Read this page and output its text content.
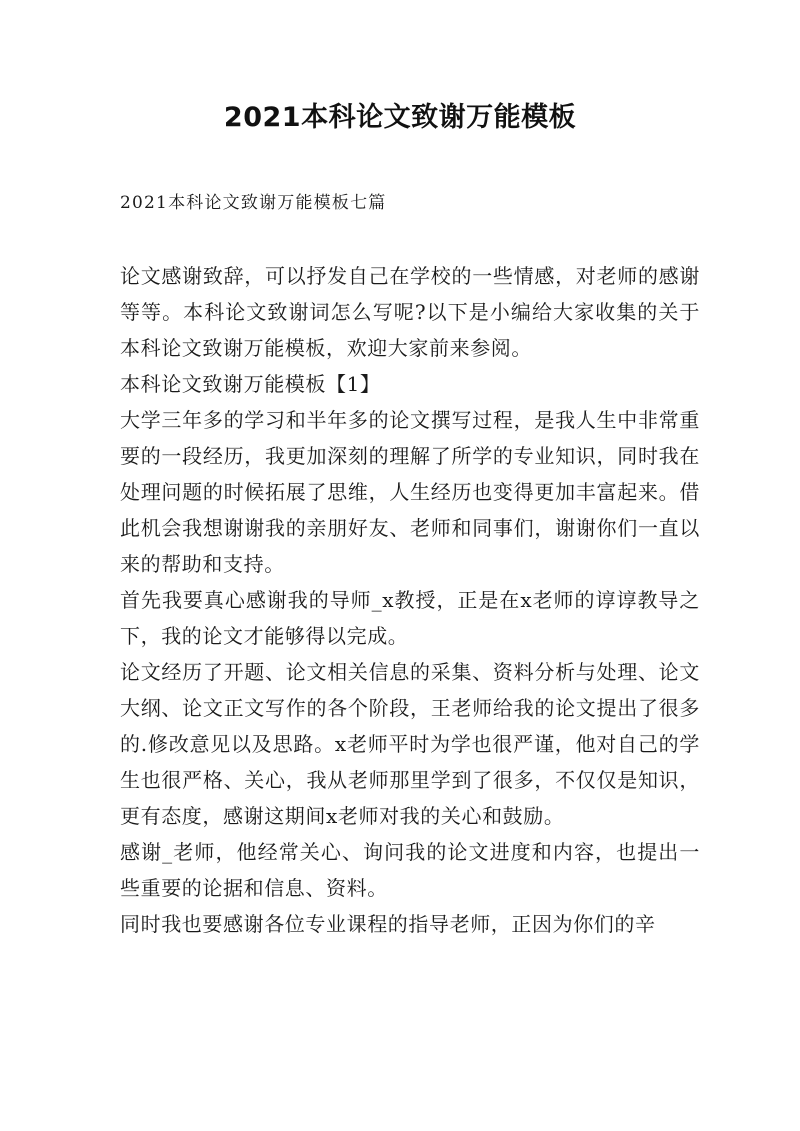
2021本科论文致谢万能模板
2021本科论文致谢万能模板七篇

论文感谢致辞，可以抒发自己在学校的一些情感，对老师的感谢等等。本科论文致谢词怎么写呢?以下是小编给大家收集的关于本科论文致谢万能模板，欢迎大家前来参阅。

本科论文致谢万能模板【1】

大学三年多的学习和半年多的论文撰写过程，是我人生中非常重要的一段经历，我更加深刻的理解了所学的专业知识，同时我在处理问题的时候拓展了思维，人生经历也变得更加丰富起来。借此机会我想谢谢我的亲朋好友、老师和同事们，谢谢你们一直以来的帮助和支持。

首先我要真心感谢我的导师_x教授，正是在x老师的谆谆教导之下，我的论文才能够得以完成。

论文经历了开题、论文相关信息的采集、资料分析与处理、论文大纲、论文正文写作的各个阶段，王老师给我的论文提出了很多的.修改意见以及思路。x老师平时为学也很严谨，他对自己的学生也很严格、关心，我从老师那里学到了很多，不仅仅是知识，更有态度，感谢这期间x老师对我的关心和鼓励。

感谢_老师，他经常关心、询问我的论文进度和内容，也提出一些重要的论据和信息、资料。

同时我也要感谢各位专业课程的指导老师，正因为你们的辛
